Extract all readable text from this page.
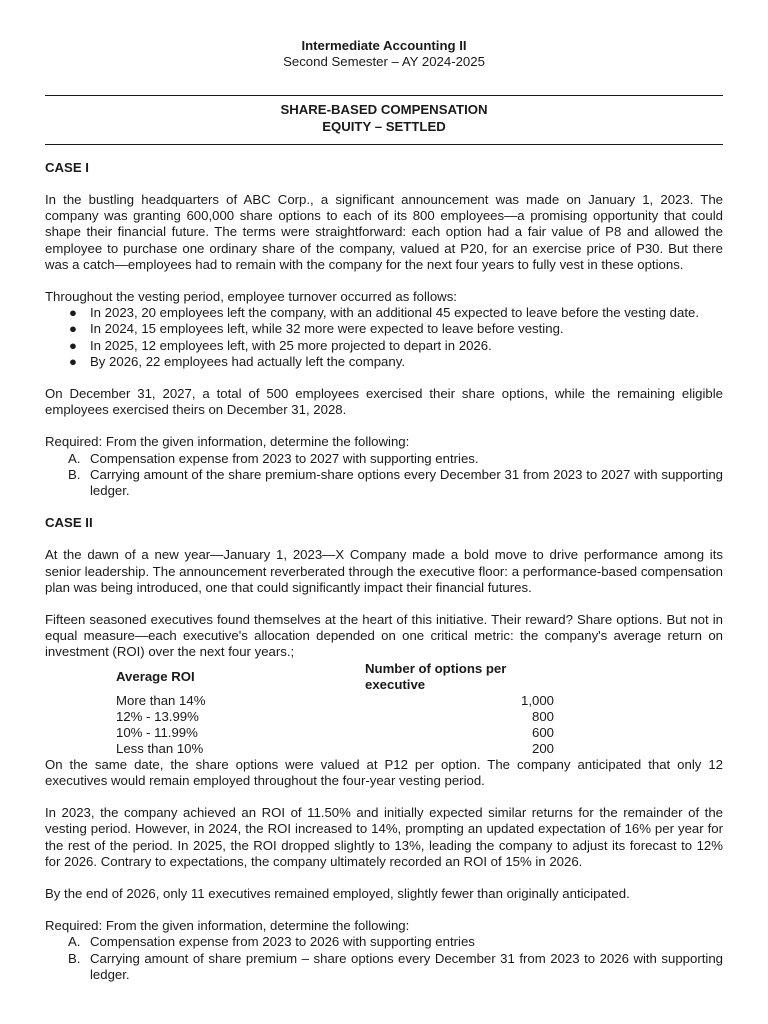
Intermediate Accounting II
Second Semester – AY 2024-2025
SHARE-BASED COMPENSATION
EQUITY – SETTLED
CASE I

In the bustling headquarters of ABC Corp., a significant announcement was made on January 1, 2023. The company was granting 600,000 share options to each of its 800 employees—a promising opportunity that could shape their financial future. The terms were straightforward: each option had a fair value of P8 and allowed the employee to purchase one ordinary share of the company, valued at P20, for an exercise price of P30. But there was a catch—employees had to remain with the company for the next four years to fully vest in these options.

Throughout the vesting period, employee turnover occurred as follows:

● In 2023, 20 employees left the company, with an additional 45 expected to leave before the vesting date.
● In 2024, 15 employees left, while 32 more were expected to leave before vesting.
● In 2025, 12 employees left, with 25 more projected to depart in 2026.
● By 2026, 22 employees had actually left the company.

On December 31, 2027, a total of 500 employees exercised their share options, while the remaining eligible employees exercised theirs on December 31, 2028.

Required: From the given information, determine the following:

A. Compensation expense from 2023 to 2027 with supporting entries.
B. Carrying amount of the share premium-share options every December 31 from 2023 to 2027 with supporting ledger.
CASE II

At the dawn of a new year—January 1, 2023—X Company made a bold move to drive performance among its senior leadership. The announcement reverberated through the executive floor: a performance-based compensation plan was being introduced, one that could significantly impact their financial futures.

Fifteen seasoned executives found themselves at the heart of this initiative. Their reward? Share options. But not in equal measure—each executive's allocation depended on one critical metric: the company's average return on investment (ROI) over the next four years.;

Average ROI	Number of options per executive
More than 14%	1,000
12% - 13.99%	800
10% - 11.99%	600
Less than 10%	200

On the same date, the share options were valued at P12 per option. The company anticipated that only 12 executives would remain employed throughout the four-year vesting period.

In 2023, the company achieved an ROI of 11.50% and initially expected similar returns for the remainder of the vesting period. However, in 2024, the ROI increased to 14%, prompting an updated expectation of 16% per year for the rest of the period. In 2025, the ROI dropped slightly to 13%, leading the company to adjust its forecast to 12% for 2026. Contrary to expectations, the company ultimately recorded an ROI of 15% in 2026.

By the end of 2026, only 11 executives remained employed, slightly fewer than originally anticipated.

Required: From the given information, determine the following:

A. Compensation expense from 2023 to 2026 with supporting entries
B. Carrying amount of share premium – share options every December 31 from 2023 to 2026 with supporting ledger.
